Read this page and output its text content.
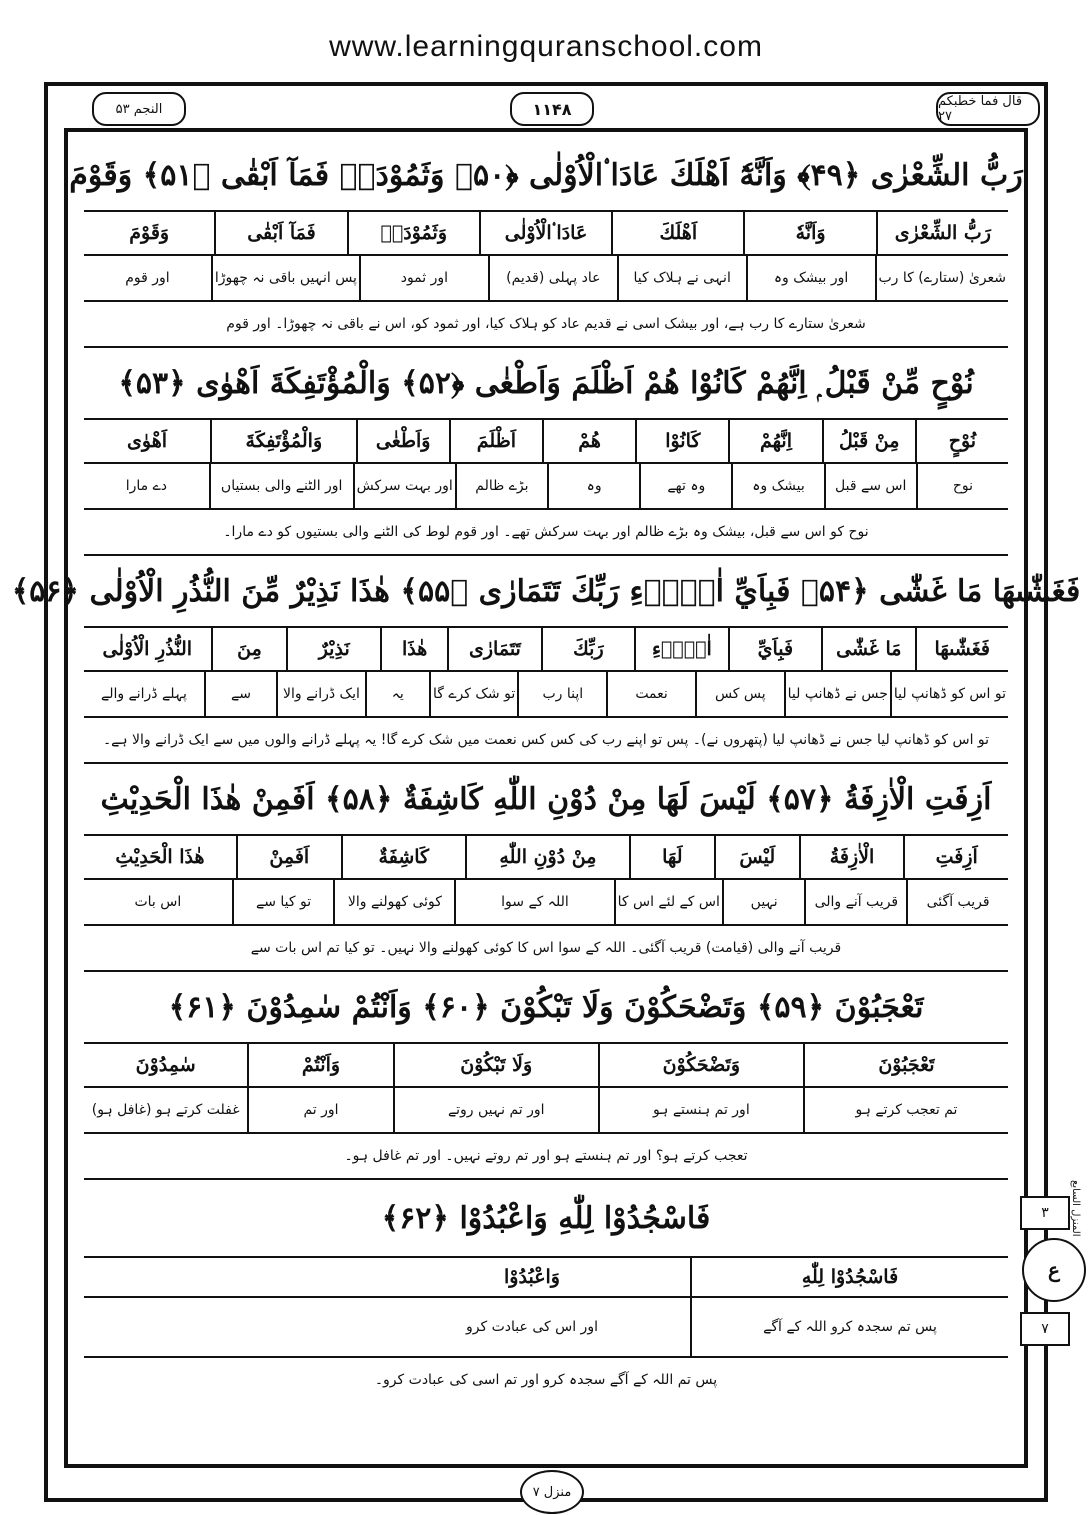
www.learningquranschool.com
قال فما خطبکم ۲۷
۱۱۴۸
النجم ۵۳
رَبُّ الشِّعْرٰى ﴿۴۹﴾ وَاَنَّهٗٓ اَهْلَكَ عَادَا ۟الْاُوْلٰى ﴿۵۰﴾ وَثَمُوْدَا۟ فَمَآ اَبْقٰى ﴿۵۱﴾ وَقَوْمَ
رَبُّ الشِّعْرٰى
وَاَنَّهٗ
اَهْلَكَ
عَادَا ۟الْاُوْلٰى
وَثَمُوْدَا۟
فَمَآ اَبْقٰى
وَقَوْمَ
شعریٰ (ستارے) کا رب
اور بیشک وہ
انہی نے ہلاک کیا
عاد پہلی (قدیم)
اور ثمود
پس انہیں باقی نہ چھوڑا
اور قوم
شعریٰ ستارے کا رب ہے، اور بیشک اسی نے قدیم عاد کو ہلاک کیا، اور ثمود کو، اس نے باقی نہ چھوڑا۔ اور قوم
نُوْحٍ مِّنْ قَبْلُ ۭ اِنَّهُمْ كَانُوْا هُمْ اَظْلَمَ وَاَطْغٰى ﴿۵۲﴾ وَالْمُؤْتَفِكَةَ اَهْوٰى ﴿۵۳﴾
نُوْحٍ
مِنْ قَبْلُ
اِنَّهُمْ
كَانُوْا
هُمْ
اَظْلَمَ
وَاَطْغٰى
وَالْمُؤْتَفِكَةَ
اَهْوٰى
نوح
اس سے قبل
بیشک وہ
وہ تھے
وہ
بڑے ظالم
اور بہت سرکش
اور الٹنے والی بستیاں
دے مارا
نوح کو اس سے قبل، بیشک وہ بڑے ظالم اور بہت سرکش تھے۔ اور قوم لوط کی الٹنے والی بستیوں کو دے مارا۔
فَغَشّٰىهَا مَا غَشّٰى ﴿۵۴﴾ فَبِاَيِّ اٰلَاۗءِ رَبِّكَ تَتَمَارٰى ﴿۵۵﴾ هٰذَا نَذِيْرٌ مِّنَ النُّذُرِ الْاُوْلٰى ﴿۵۶﴾
فَغَشّٰىهَا
مَا غَشّٰى
فَبِاَيِّ
اٰلَاۗءِ
رَبِّكَ
تَتَمَارٰى
هٰذَا
نَذِيْرٌ
مِنَ
النُّذُرِ الْاُوْلٰى
تو اس کو ڈھانپ لیا
جس نے ڈھانپ لیا
پس کس
نعمت
اپنا رب
تو شک کرے گا
یہ
ایک ڈرانے والا
سے
پہلے ڈرانے والے
تو اس کو ڈھانپ لیا جس نے ڈھانپ لیا (پتھروں نے)۔ پس تو اپنے رب کی کس کس نعمت میں شک کرے گا! یہ پہلے ڈرانے والوں میں سے ایک ڈرانے والا ہے۔
اَزِفَتِ الْاٰزِفَةُ ﴿۵۷﴾ لَيْسَ لَهَا مِنْ دُوْنِ اللّٰهِ كَاشِفَةٌ ﴿۵۸﴾ اَفَمِنْ هٰذَا الْحَدِيْثِ
اَزِفَتِ
الْاٰزِفَةُ
لَيْسَ
لَهَا
مِنْ دُوْنِ اللّٰهِ
كَاشِفَةٌ
اَفَمِنْ
هٰذَا الْحَدِيْثِ
قریب آگئی
قریب آنے والی
نہیں
اس کے لئے اس کا
اللہ کے سوا
کوئی کھولنے والا
تو کیا سے
اس بات
قریب آنے والی (قیامت) قریب آگئی۔ اللہ کے سوا اس کا کوئی کھولنے والا نہیں۔ تو کیا تم اس بات سے
تَعْجَبُوْنَ ﴿۵۹﴾ وَتَضْحَكُوْنَ وَلَا تَبْكُوْنَ ﴿۶۰﴾ وَاَنْتُمْ سٰمِدُوْنَ ﴿۶۱﴾
تَعْجَبُوْنَ
وَتَضْحَكُوْنَ
وَلَا تَبْكُوْنَ
وَاَنْتُمْ
سٰمِدُوْنَ
تم تعجب کرتے ہو
اور تم ہنستے ہو
اور تم نہیں روتے
اور تم
غفلت کرتے ہو (غافل ہو)
تعجب کرتے ہو؟ اور تم ہنستے ہو اور تم روتے نہیں۔ اور تم غافل ہو۔
فَاسْجُدُوْا لِلّٰهِ وَاعْبُدُوْا ﴿۶۲﴾
فَاسْجُدُوْا لِلّٰهِ
وَاعْبُدُوْا
پس تم سجدہ کرو اللہ کے آگے
اور اس کی عبادت کرو
پس تم اللہ کے آگے سجدہ کرو اور تم اسی کی عبادت کرو۔
۳
ع
۷
المنزل السابع
منزل ۷
